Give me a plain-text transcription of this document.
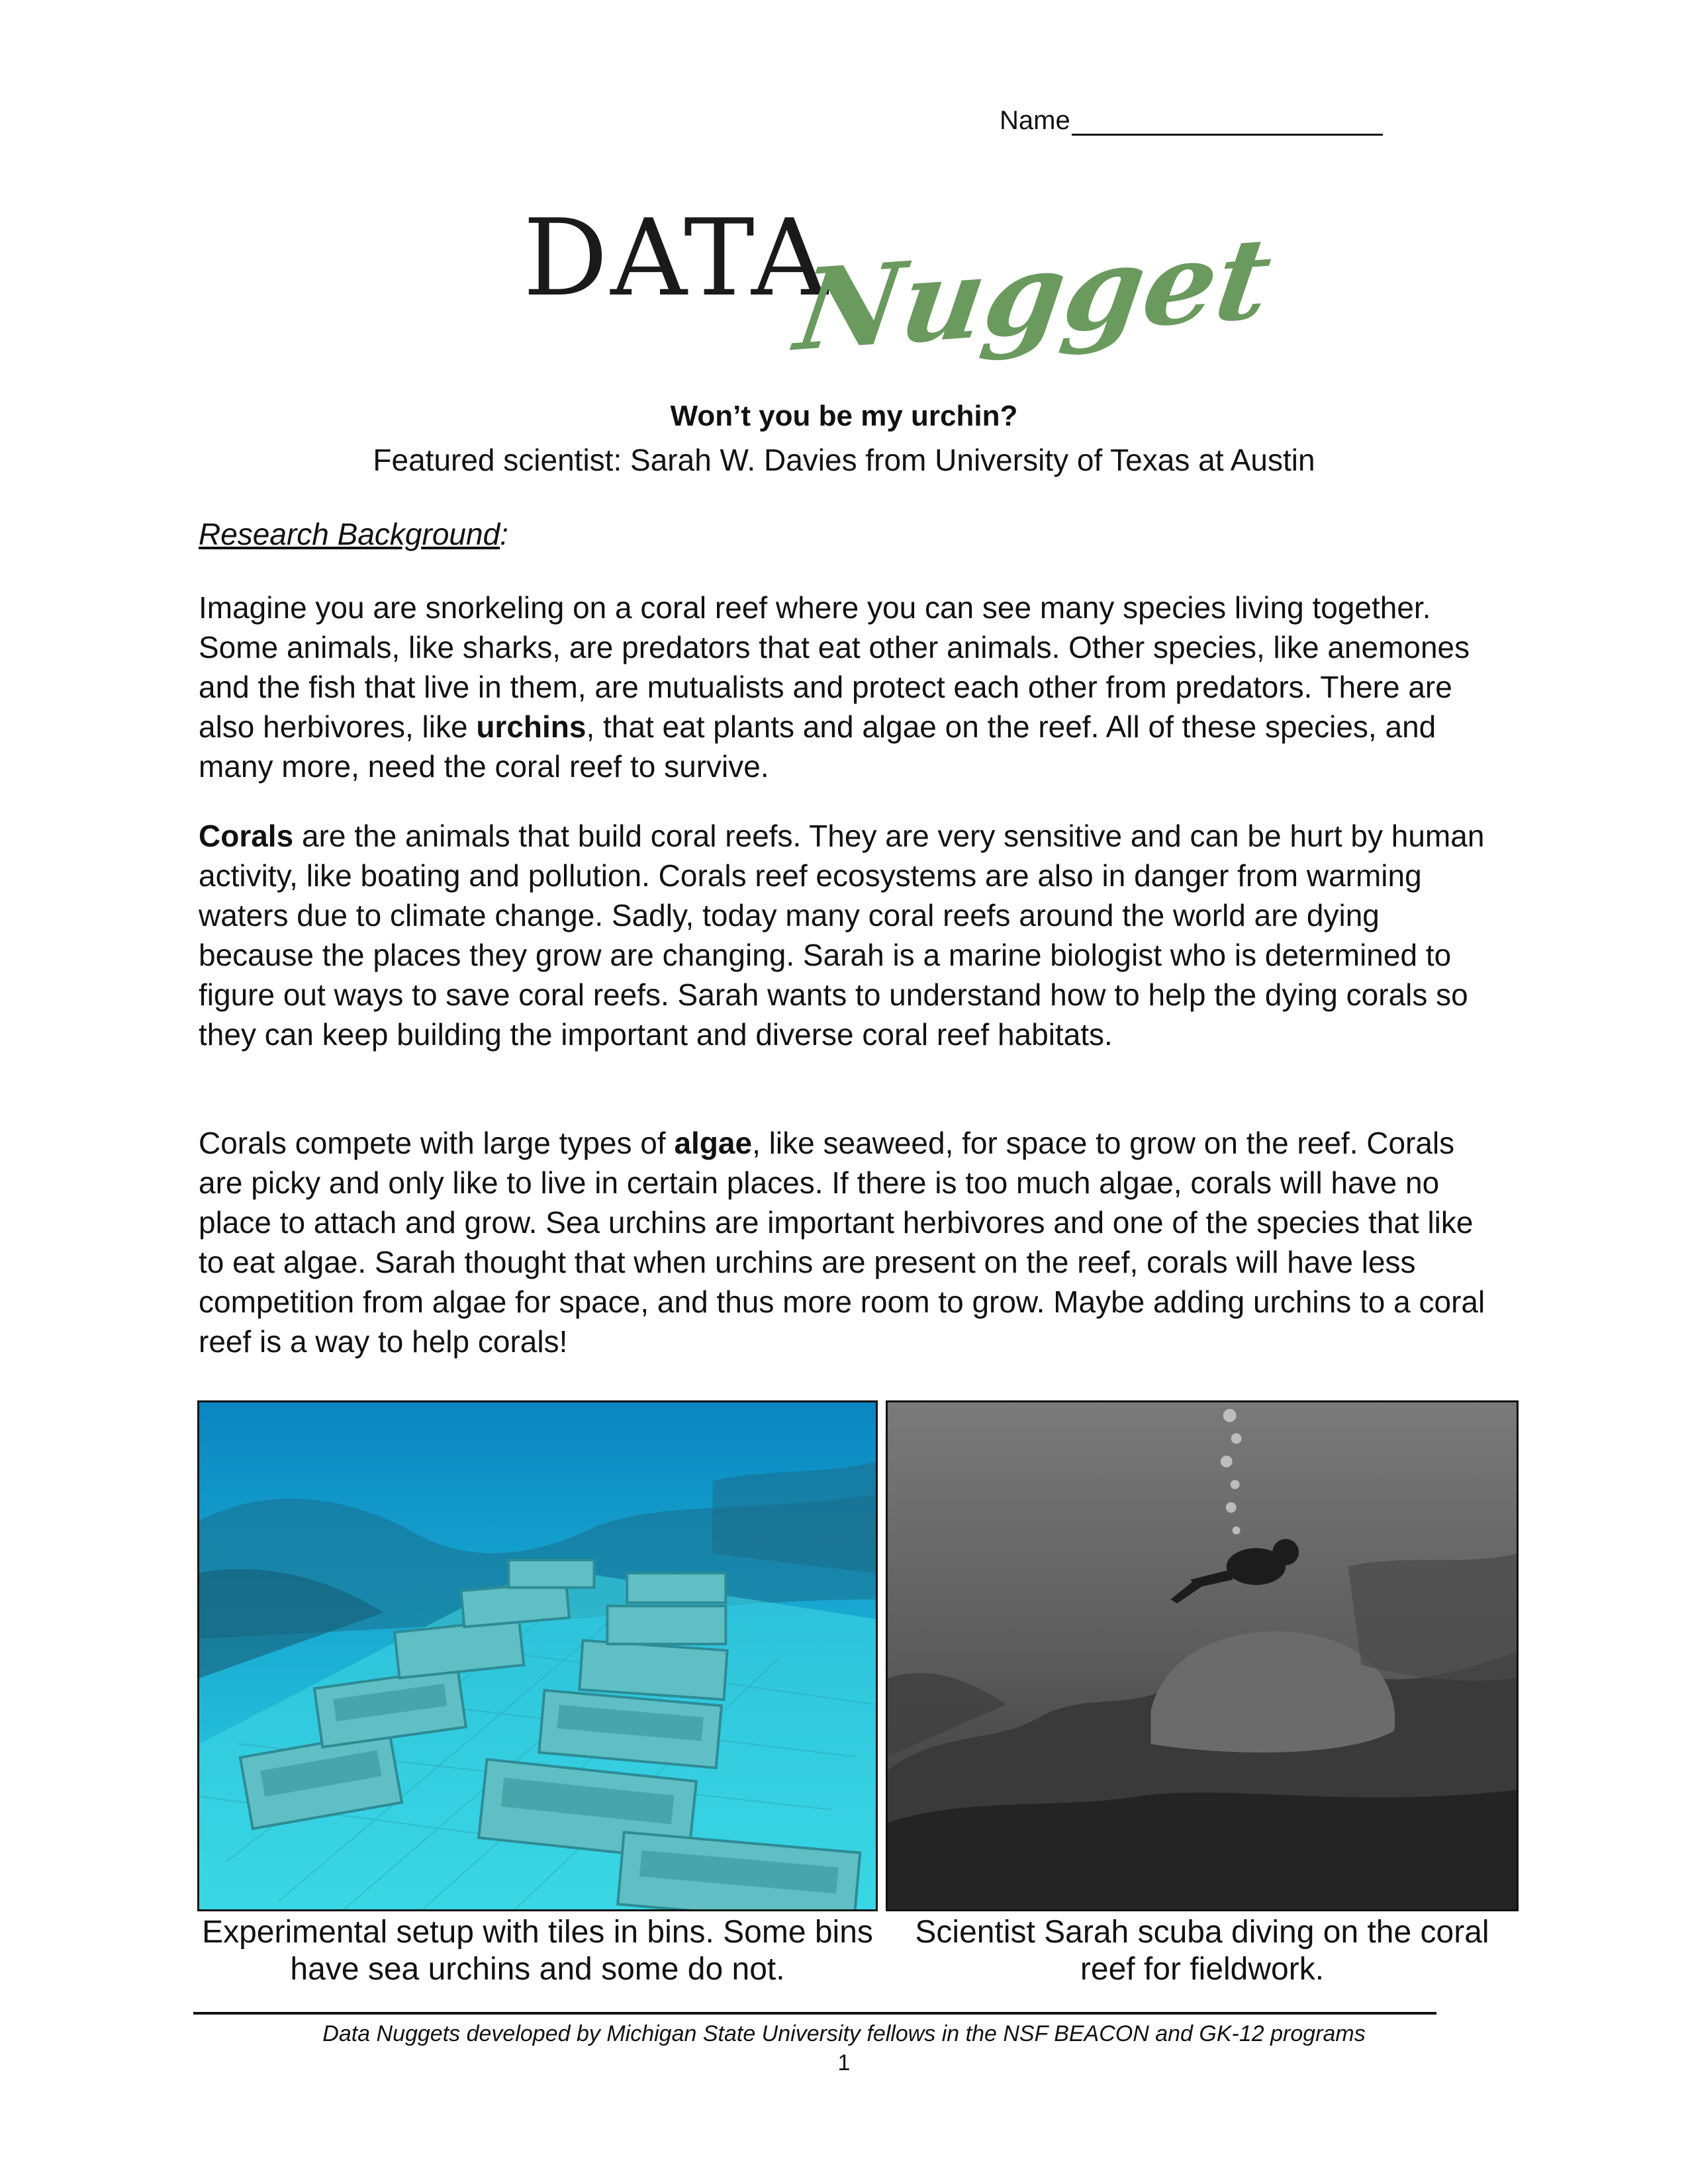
Name
DATA
Nugget
Won’t you be my urchin?
Featured scientist: Sarah W. Davies from University of Texas at Austin
Research Background:

Imagine you are snorkeling on a coral reef where you can see many species living together. Some animals, like sharks, are predators that eat other animals. Other species, like anemones and the fish that live in them, are mutualists and protect each other from predators. There are also herbivores, like urchins, that eat plants and algae on the reef. All of these species, and many more, need the coral reef to survive.

Corals are the animals that build coral reefs. They are very sensitive and can be hurt by human activity, like boating and pollution. Corals reef ecosystems are also in danger from warming waters due to climate change. Sadly, today many coral reefs around the world are dying because the places they grow are changing. Sarah is a marine biologist who is determined to figure out ways to save coral reefs. Sarah wants to understand how to help the dying corals so they can keep building the important and diverse coral reef habitats.

Corals compete with large types of algae, like seaweed, for space to grow on the reef. Corals are picky and only like to live in certain places. If there is too much algae, corals will have no place to attach and grow. Sea urchins are important herbivores and one of the species that like to eat algae. Sarah thought that when urchins are present on the reef, corals will have less competition from algae for space, and thus more room to grow. Maybe adding urchins to a coral reef is a way to help corals!

Experimental setup with tiles in bins. Some bins have sea urchins and some do not.
Scientist Sarah scuba diving on the coral reef for fieldwork.
Data Nuggets developed by Michigan State University fellows in the NSF BEACON and GK-12 programs
1
